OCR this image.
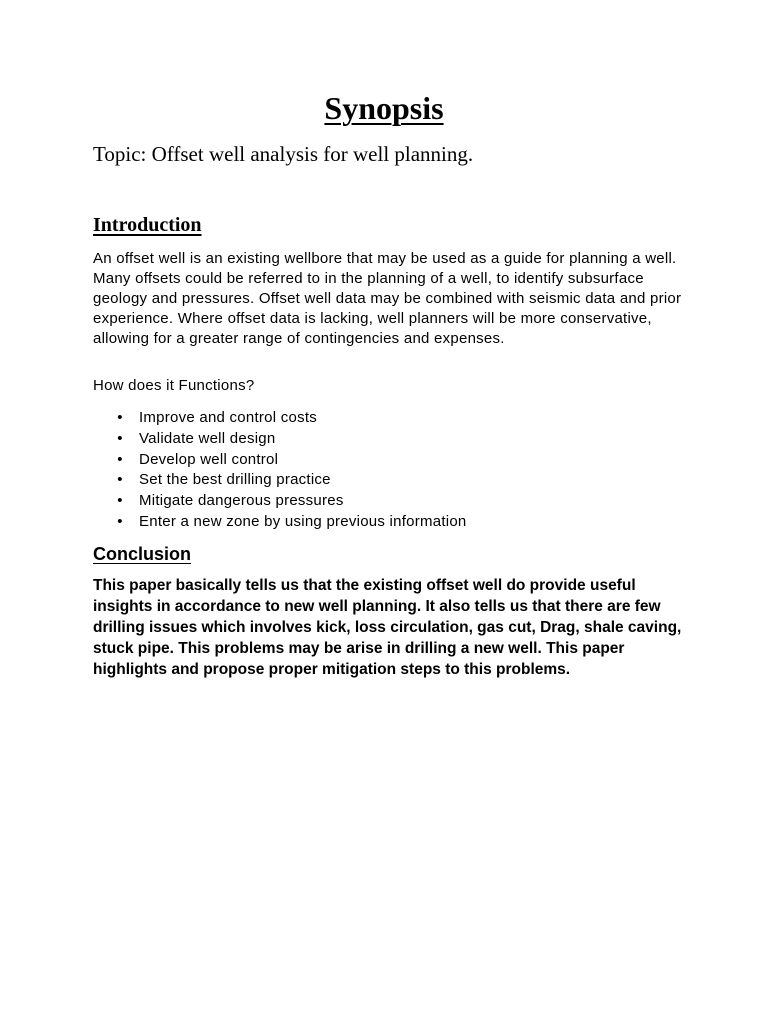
Synopsis

Topic: Offset well analysis for well planning.

Introduction

An offset well is an existing wellbore that may be used as a guide for planning a well. Many offsets could be referred to in the planning of a well, to identify subsurface geology and pressures. Offset well data may be combined with seismic data and prior experience. Where offset data is lacking, well planners will be more conservative, allowing for a greater range of contingencies and expenses.

How does it Functions?

• Improve and control costs
• Validate well design
• Develop well control
• Set the best drilling practice
• Mitigate dangerous pressures
• Enter a new zone by using previous information
Conclusion

This paper basically tells us that the existing offset well do provide useful insights in accordance to new well planning. It also tells us that there are few drilling issues which involves kick, loss circulation, gas cut, Drag, shale caving, stuck pipe. This problems may be arise in drilling a new well. This paper highlights and propose proper mitigation steps to this problems.
